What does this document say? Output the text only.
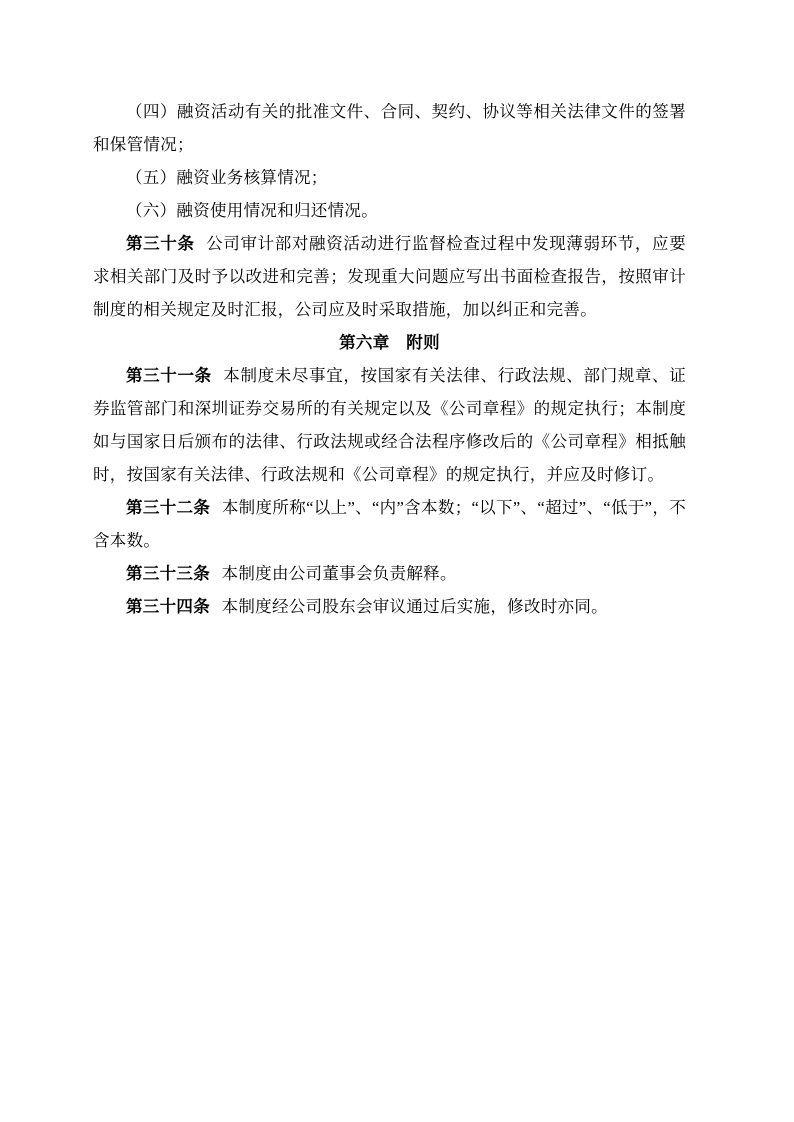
（四）融资活动有关的批准文件、合同、契约、协议等相关法律文件的签署和保管情况；

（五）融资业务核算情况；

（六）融资使用情况和归还情况。

第三十条 公司审计部对融资活动进行监督检查过程中发现薄弱环节，应要求相关部门及时予以改进和完善；发现重大问题应写出书面检查报告，按照审计制度的相关规定及时汇报，公司应及时采取措施，加以纠正和完善。

第六章　附则

第三十一条 本制度未尽事宜，按国家有关法律、行政法规、部门规章、证券监管部门和深圳证券交易所的有关规定以及《公司章程》的规定执行；本制度如与国家日后颁布的法律、行政法规或经合法程序修改后的《公司章程》相抵触时，按国家有关法律、行政法规和《公司章程》的规定执行，并应及时修订。

第三十二条 本制度所称“以上”、“内”含本数；“以下”、“超过”、“低于”，不含本数。

第三十三条 本制度由公司董事会负责解释。

第三十四条 本制度经公司股东会审议通过后实施，修改时亦同。
